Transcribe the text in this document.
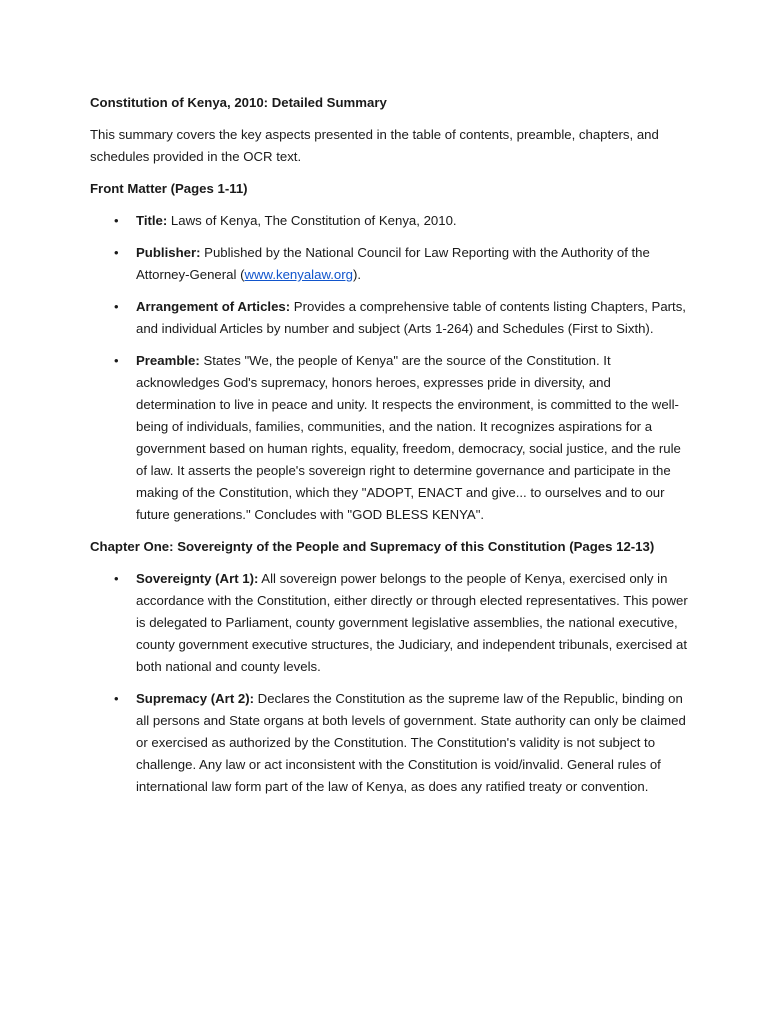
Constitution of Kenya, 2010: Detailed Summary
This summary covers the key aspects presented in the table of contents, preamble, chapters, and schedules provided in the OCR text.
Front Matter (Pages 1-11)
• Title: Laws of Kenya, The Constitution of Kenya, 2010.
• Publisher: Published by the National Council for Law Reporting with the Authority of the Attorney-General (www.kenyalaw.org).
• Arrangement of Articles: Provides a comprehensive table of contents listing Chapters, Parts, and individual Articles by number and subject (Arts 1-264) and Schedules (First to Sixth).
• Preamble: States "We, the people of Kenya" are the source of the Constitution. It acknowledges God's supremacy, honors heroes, expresses pride in diversity, and determination to live in peace and unity. It respects the environment, is committed to the well-being of individuals, families, communities, and the nation. It recognizes aspirations for a government based on human rights, equality, freedom, democracy, social justice, and the rule of law. It asserts the people's sovereign right to determine governance and participate in the making of the Constitution, which they "ADOPT, ENACT and give... to ourselves and to our future generations." Concludes with "GOD BLESS KENYA".
Chapter One: Sovereignty of the People and Supremacy of this Constitution (Pages 12-13)
• Sovereignty (Art 1): All sovereign power belongs to the people of Kenya, exercised only in accordance with the Constitution, either directly or through elected representatives. This power is delegated to Parliament, county government legislative assemblies, the national executive, county government executive structures, the Judiciary, and independent tribunals, exercised at both national and county levels.
• Supremacy (Art 2): Declares the Constitution as the supreme law of the Republic, binding on all persons and State organs at both levels of government. State authority can only be claimed or exercised as authorized by the Constitution. The Constitution's validity is not subject to challenge. Any law or act inconsistent with the Constitution is void/invalid. General rules of international law form part of the law of Kenya, as does any ratified treaty or convention.
